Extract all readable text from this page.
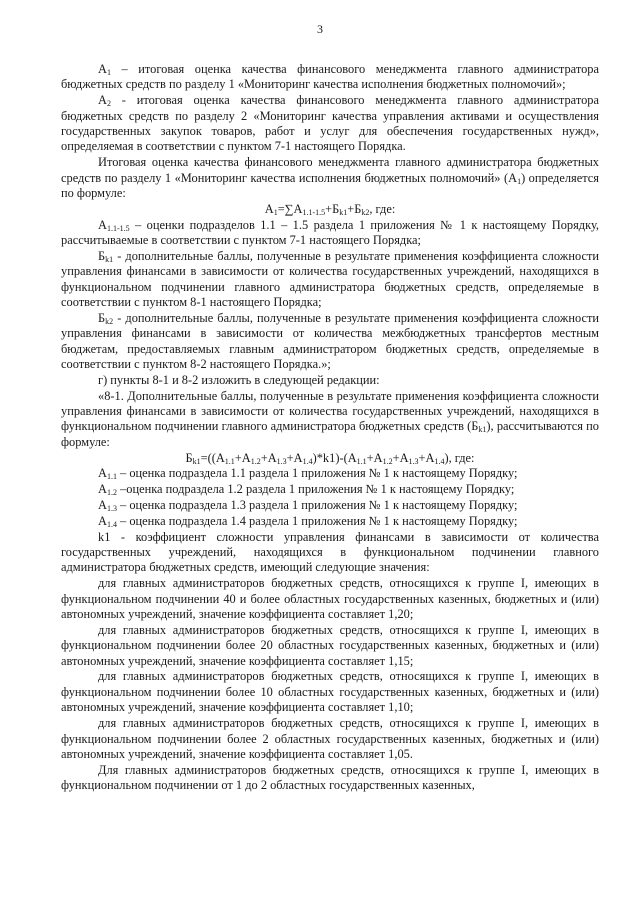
3

$А_1$ – итоговая оценка качества финансового менеджмента главного администратора бюджетных средств по разделу 1 «Мониторинг качества исполнения бюджетных полномочий»;

$А_2$ - итоговая оценка качества финансового менеджмента главного администратора бюджетных средств по разделу 2 «Мониторинг качества управления активами и осуществления государственных закупок товаров, работ и услуг для обеспечения государственных нужд», определяемая в соответствии с пунктом 7-1 настоящего Порядка.

Итоговая оценка качества финансового менеджмента главного администратора бюджетных средств по разделу 1 «Мониторинг качества исполнения бюджетных полномочий» $(А_1)$ определяется по формуле:

$А_1=\sum А_{1.1-1.5}+Б_{k1}+Б_{k2}$, где:

$А_{1.1-1.5}$ – оценки подразделов 1.1 – 1.5 раздела 1 приложения № 1 к настоящему Порядку, рассчитываемые в соответствии с пунктом 7-1 настоящего Порядка;

$Б_{k1}$ - дополнительные баллы, полученные в результате применения коэффициента сложности управления финансами в зависимости от количества государственных учреждений, находящихся в функциональном подчинении главного администратора бюджетных средств, определяемые в соответствии с пунктом 8-1 настоящего Порядка;

$Б_{k2}$ - дополнительные баллы, полученные в результате применения коэффициента сложности управления финансами в зависимости от количества межбюджетных трансфертов местным бюджетам, предоставляемых главным администратором бюджетных средств, определяемые в соответствии с пунктом 8-2 настоящего Порядка.»;

г) пункты 8-1 и 8-2 изложить в следующей редакции:

«8-1. Дополнительные баллы, полученные в результате применения коэффициента сложности управления финансами в зависимости от количества государственных учреждений, находящихся в функциональном подчинении главного администратора бюджетных средств $(Б_{k1})$, рассчитываются по формуле:

$Б_{k1}=((А_{1.1}+А_{1.2}+А_{1.3}+А_{1.4})*k1)-(А_{1.1}+А_{1.2}+А_{1.3}+А_{1.4})$, где:

$А_{1.1}$ – оценка подраздела 1.1 раздела 1 приложения № 1 к настоящему Порядку;

$А_{1.2}$ –оценка подраздела 1.2 раздела 1 приложения № 1 к настоящему Порядку;

$А_{1.3}$ – оценка подраздела 1.3 раздела 1 приложения № 1 к настоящему Порядку;

$А_{1.4}$ – оценка подраздела 1.4 раздела 1 приложения № 1 к настоящему Порядку;

k1 - коэффициент сложности управления финансами в зависимости от количества государственных учреждений, находящихся в функциональном подчинении главного администратора бюджетных средств, имеющий следующие значения:

для главных администраторов бюджетных средств, относящихся к группе I, имеющих в функциональном подчинении 40 и более областных государственных казенных, бюджетных и (или) автономных учреждений, значение коэффициента составляет 1,20;

для главных администраторов бюджетных средств, относящихся к группе I, имеющих в функциональном подчинении более 20 областных государственных казенных, бюджетных и (или) автономных учреждений, значение коэффициента составляет 1,15;

для главных администраторов бюджетных средств, относящихся к группе I, имеющих в функциональном подчинении более 10 областных государственных казенных, бюджетных и (или) автономных учреждений, значение коэффициента составляет 1,10;

для главных администраторов бюджетных средств, относящихся к группе I, имеющих в функциональном подчинении более 2 областных государственных казенных, бюджетных и (или) автономных учреждений, значение коэффициента составляет 1,05.

Для главных администраторов бюджетных средств, относящихся к группе I, имеющих в функциональном подчинении от 1 до 2 областных государственных казенных,
